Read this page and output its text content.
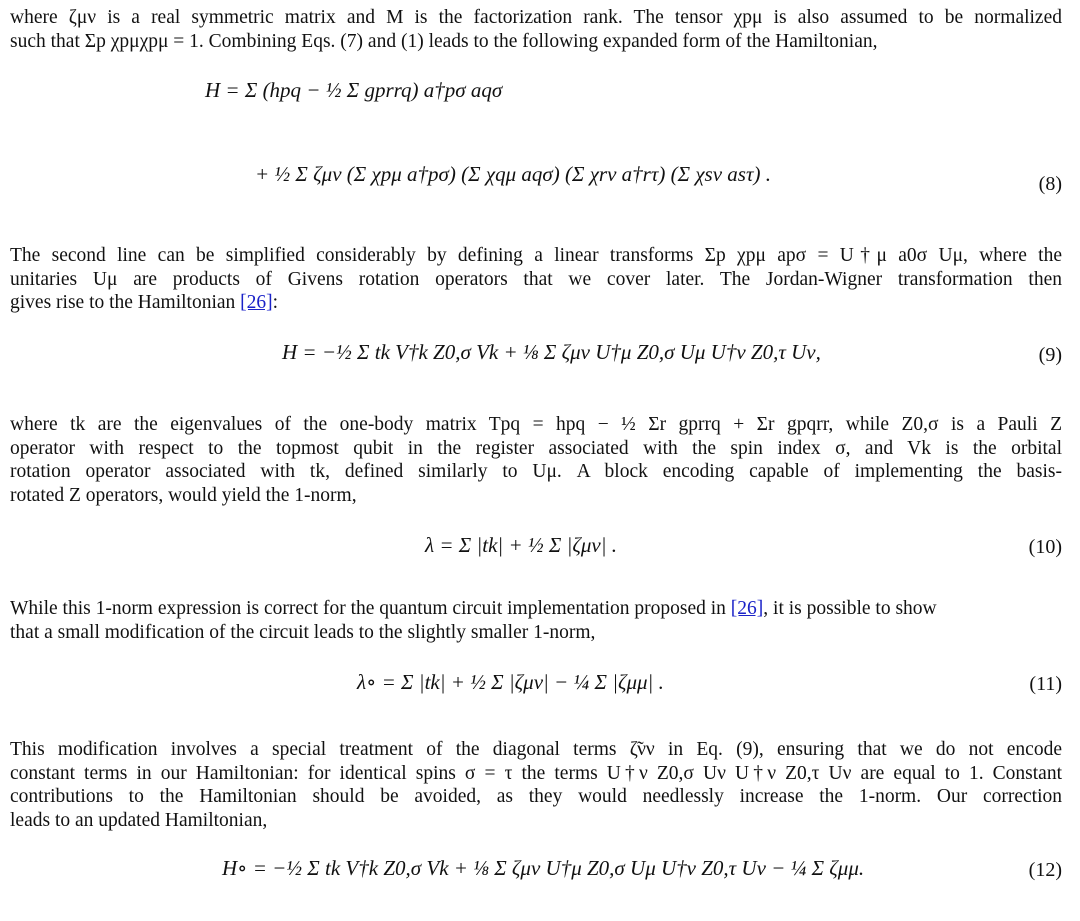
where ζμν is a real symmetric matrix and M is the factorization rank. The tensor χpμ is also assumed to be normalized
such that Σp χpμχpμ = 1. Combining Eqs. (7) and (1) leads to the following expanded form of the Hamiltonian,
H = Σ (hpq − ½ Σ gprrq) a†pσ aqσ
+ ½ Σ ζμν (Σ χpμ a†pσ) (Σ χqμ aqσ) (Σ χrν a†rτ) (Σ χsν asτ) .	(8)
The second line can be simplified considerably by defining a linear transforms Σp χpμ apσ = U†μ a0σ Uμ, where the
unitaries Uμ are products of Givens rotation operators that we cover later. The Jordan-Wigner transformation then
gives rise to the Hamiltonian [26]:
H = −½ Σ tk V†k Z0,σ Vk + ⅛ Σ ζμν U†μ Z0,σ Uμ U†ν Z0,τ Uν,	(9)
where tk are the eigenvalues of the one-body matrix Tpq = hpq − ½ Σr gprrq + Σr gpqrr, while Z0,σ is a Pauli Z
operator with respect to the topmost qubit in the register associated with the spin index σ, and Vk is the orbital
rotation operator associated with tk, defined similarly to Uμ. A block encoding capable of implementing the basis-
rotated Z operators, would yield the 1-norm,
λ = Σ |tk| + ½ Σ |ζμν| .	(10)
While this 1-norm expression is correct for the quantum circuit implementation proposed in [26], it is possible to show
that a small modification of the circuit leads to the slightly smaller 1-norm,
λ∘ = Σ |tk| + ½ Σ |ζμν| − ¼ Σ |ζμμ| .	(11)
This modification involves a special treatment of the diagonal terms ζ̃νν in Eq. (9), ensuring that we do not encode
constant terms in our Hamiltonian: for identical spins σ = τ the terms U†ν Z0,σ Uν U†ν Z0,τ Uν are equal to 1. Constant
contributions to the Hamiltonian should be avoided, as they would needlessly increase the 1-norm. Our correction
leads to an updated Hamiltonian,
H∘ = −½ Σ tk V†k Z0,σ Vk + ⅛ Σ ζμν U†μ Z0,σ Uμ U†ν Z0,τ Uν − ¼ Σ ζμμ.	(12)
